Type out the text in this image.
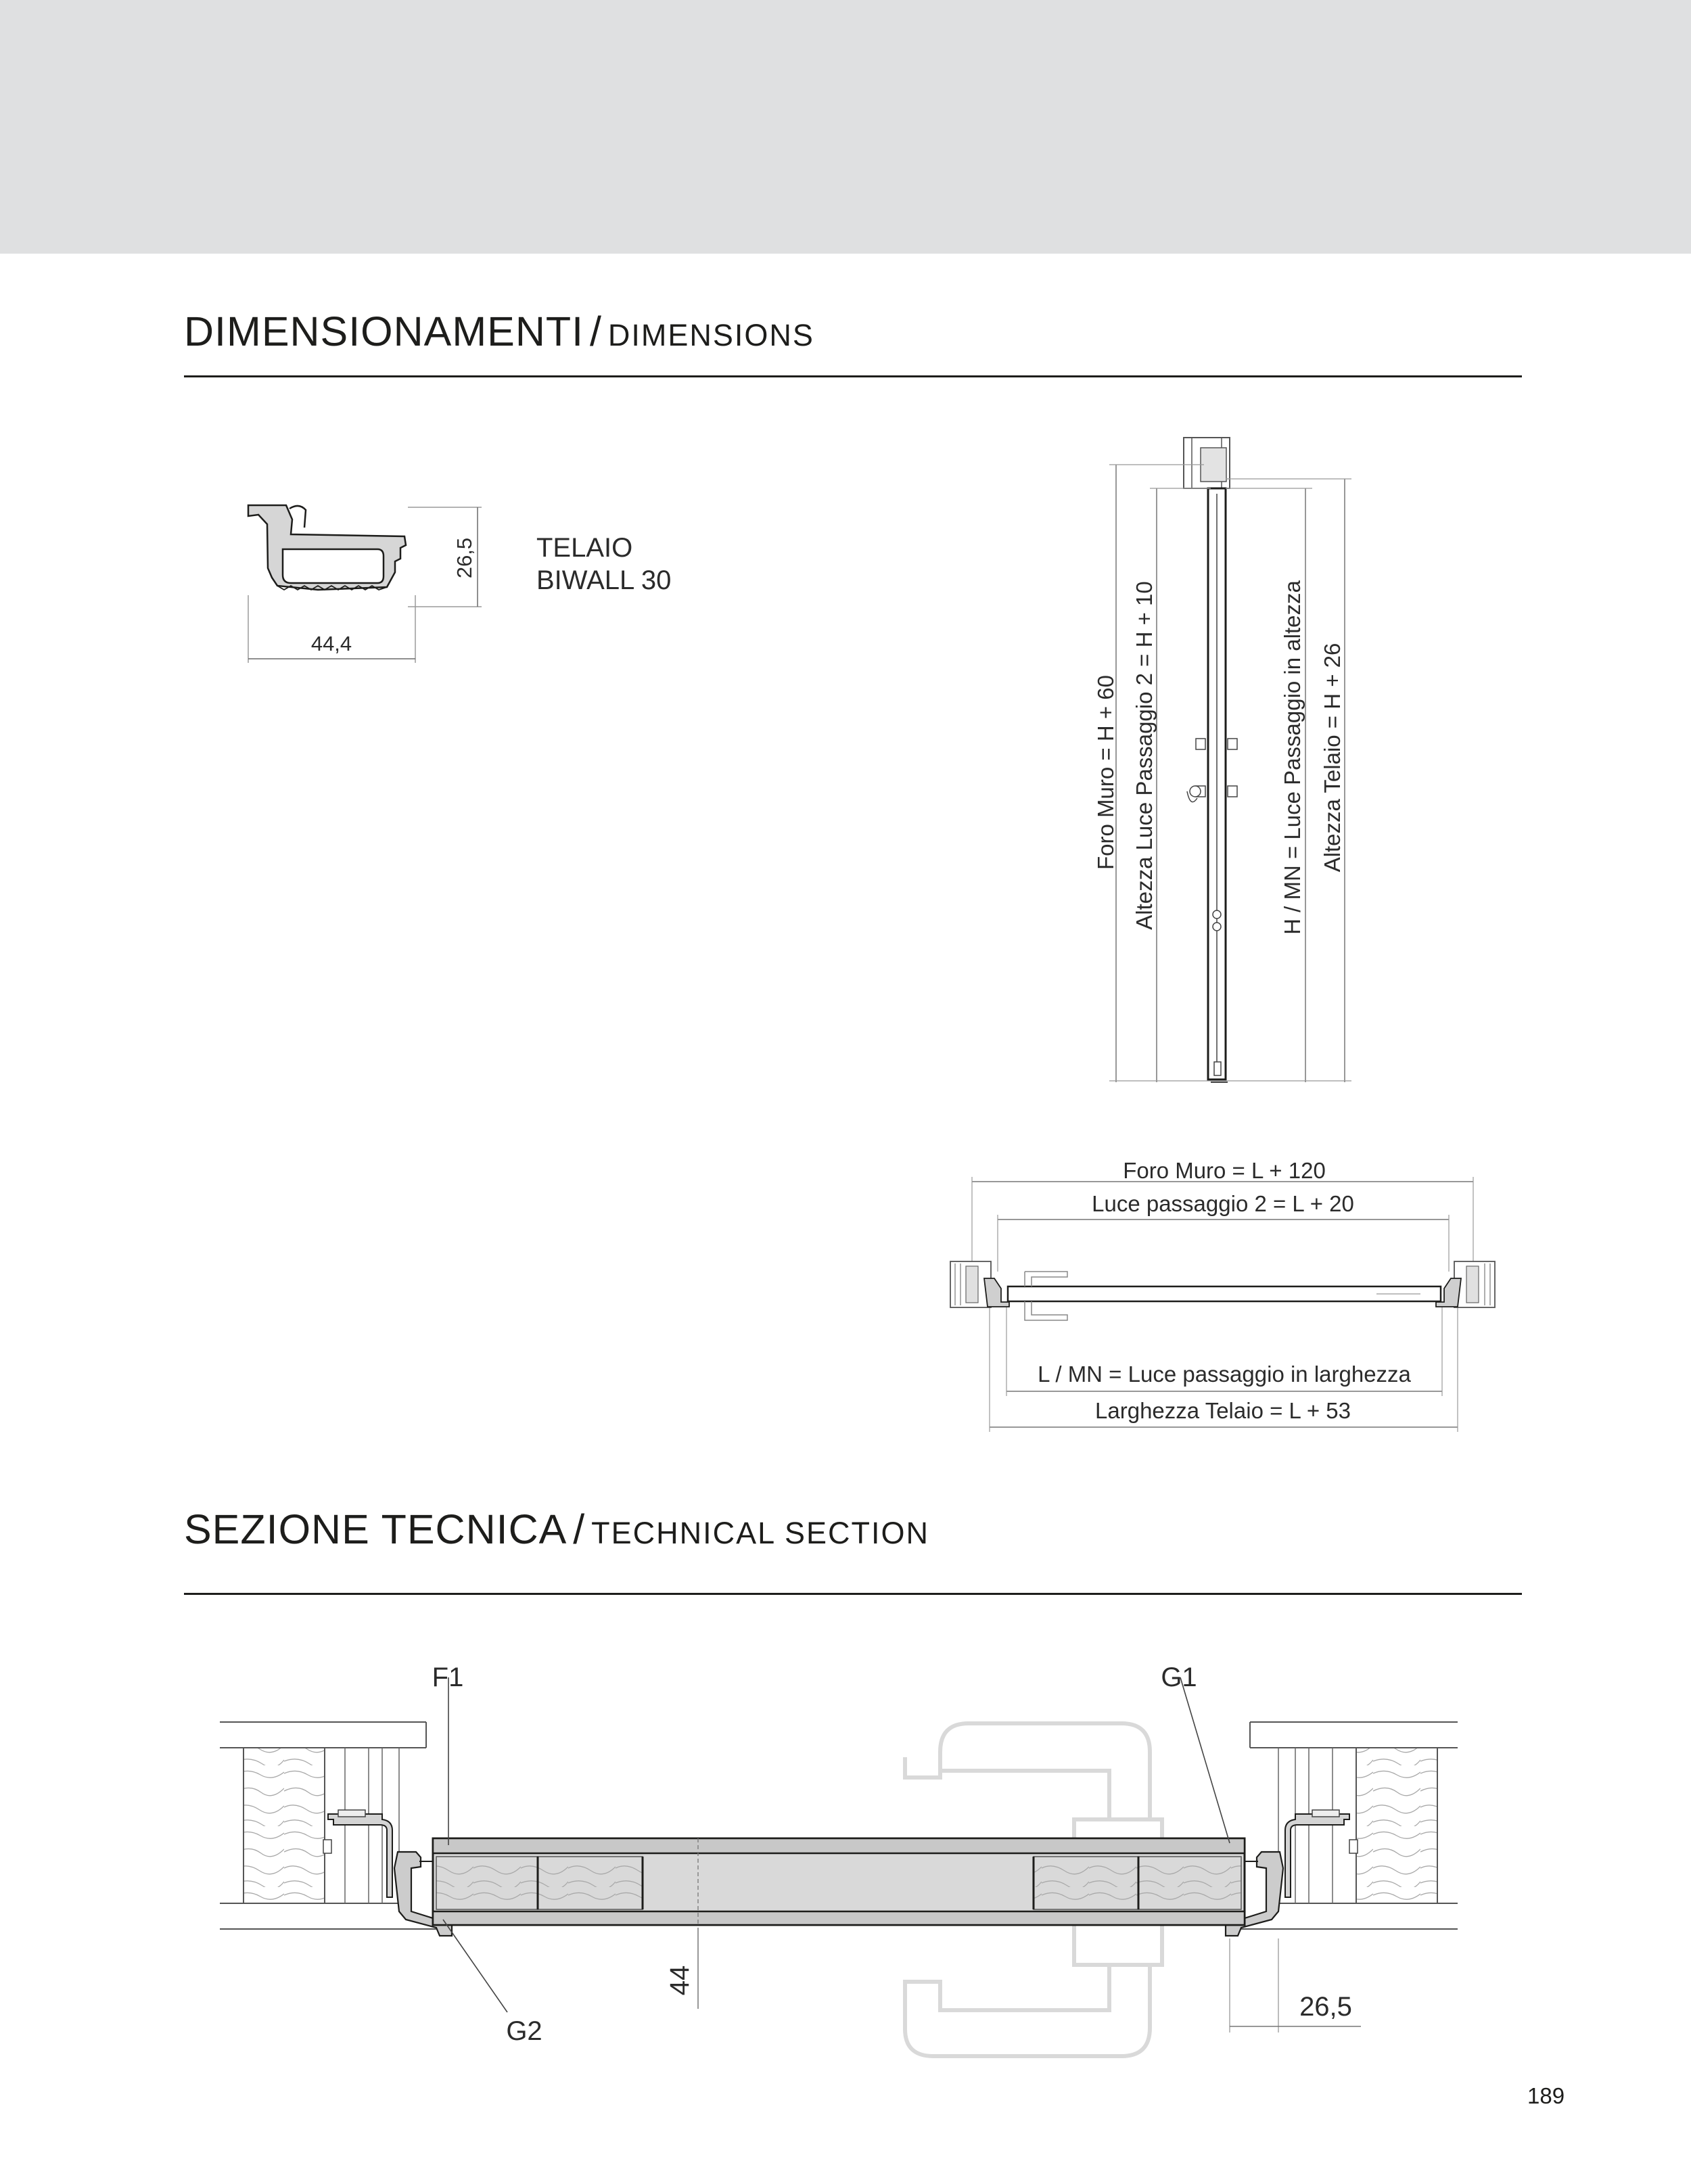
DIMENSIONAMENTI / DIMENSIONS
SEZIONE TECNICA / TECHNICAL SECTION
26,5
44,4
TELAIO
BIWALL 30
Foro Muro = H + 60 Altezza Luce Passaggio 2 = H + 10	H / MN = Luce Passaggio in altezza Altezza Telaio = H + 26
Foro Muro = L + 120
Luce passaggio 2 = L + 20
L / MN = Luce passaggio in larghezza
Larghezza Telaio = L + 53
F1	G1
G2
44
26,5
189
